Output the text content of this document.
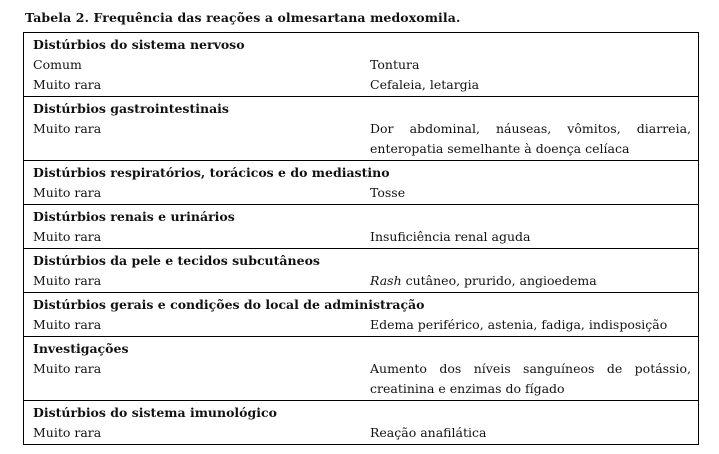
Tabela 2. Frequência das reações a olmesartana medoxomila.
Distúrbios do sistema nervoso
Comum	Tontura
Muito rara	Cefaleia, letargia
Distúrbios gastrointestinais
Muito rara	Dor abdominal, náuseas, vômitos, diarreia,
enteropatia semelhante à doença celíaca
Distúrbios respiratórios, torácicos e do mediastino
Muito rara	Tosse
Distúrbios renais e urinários
Muito rara	Insuficiência renal aguda
Distúrbios da pele e tecidos subcutâneos
Muito rara	Rash cutâneo, prurido, angioedema
Distúrbios gerais e condições do local de administração
Muito rara	Edema periférico, astenia, fadiga, indisposição
Investigações
Muito rara	Aumento dos níveis sanguíneos de potássio,
creatinina e enzimas do fígado
Distúrbios do sistema imunológico
Muito rara	Reação anafilática
